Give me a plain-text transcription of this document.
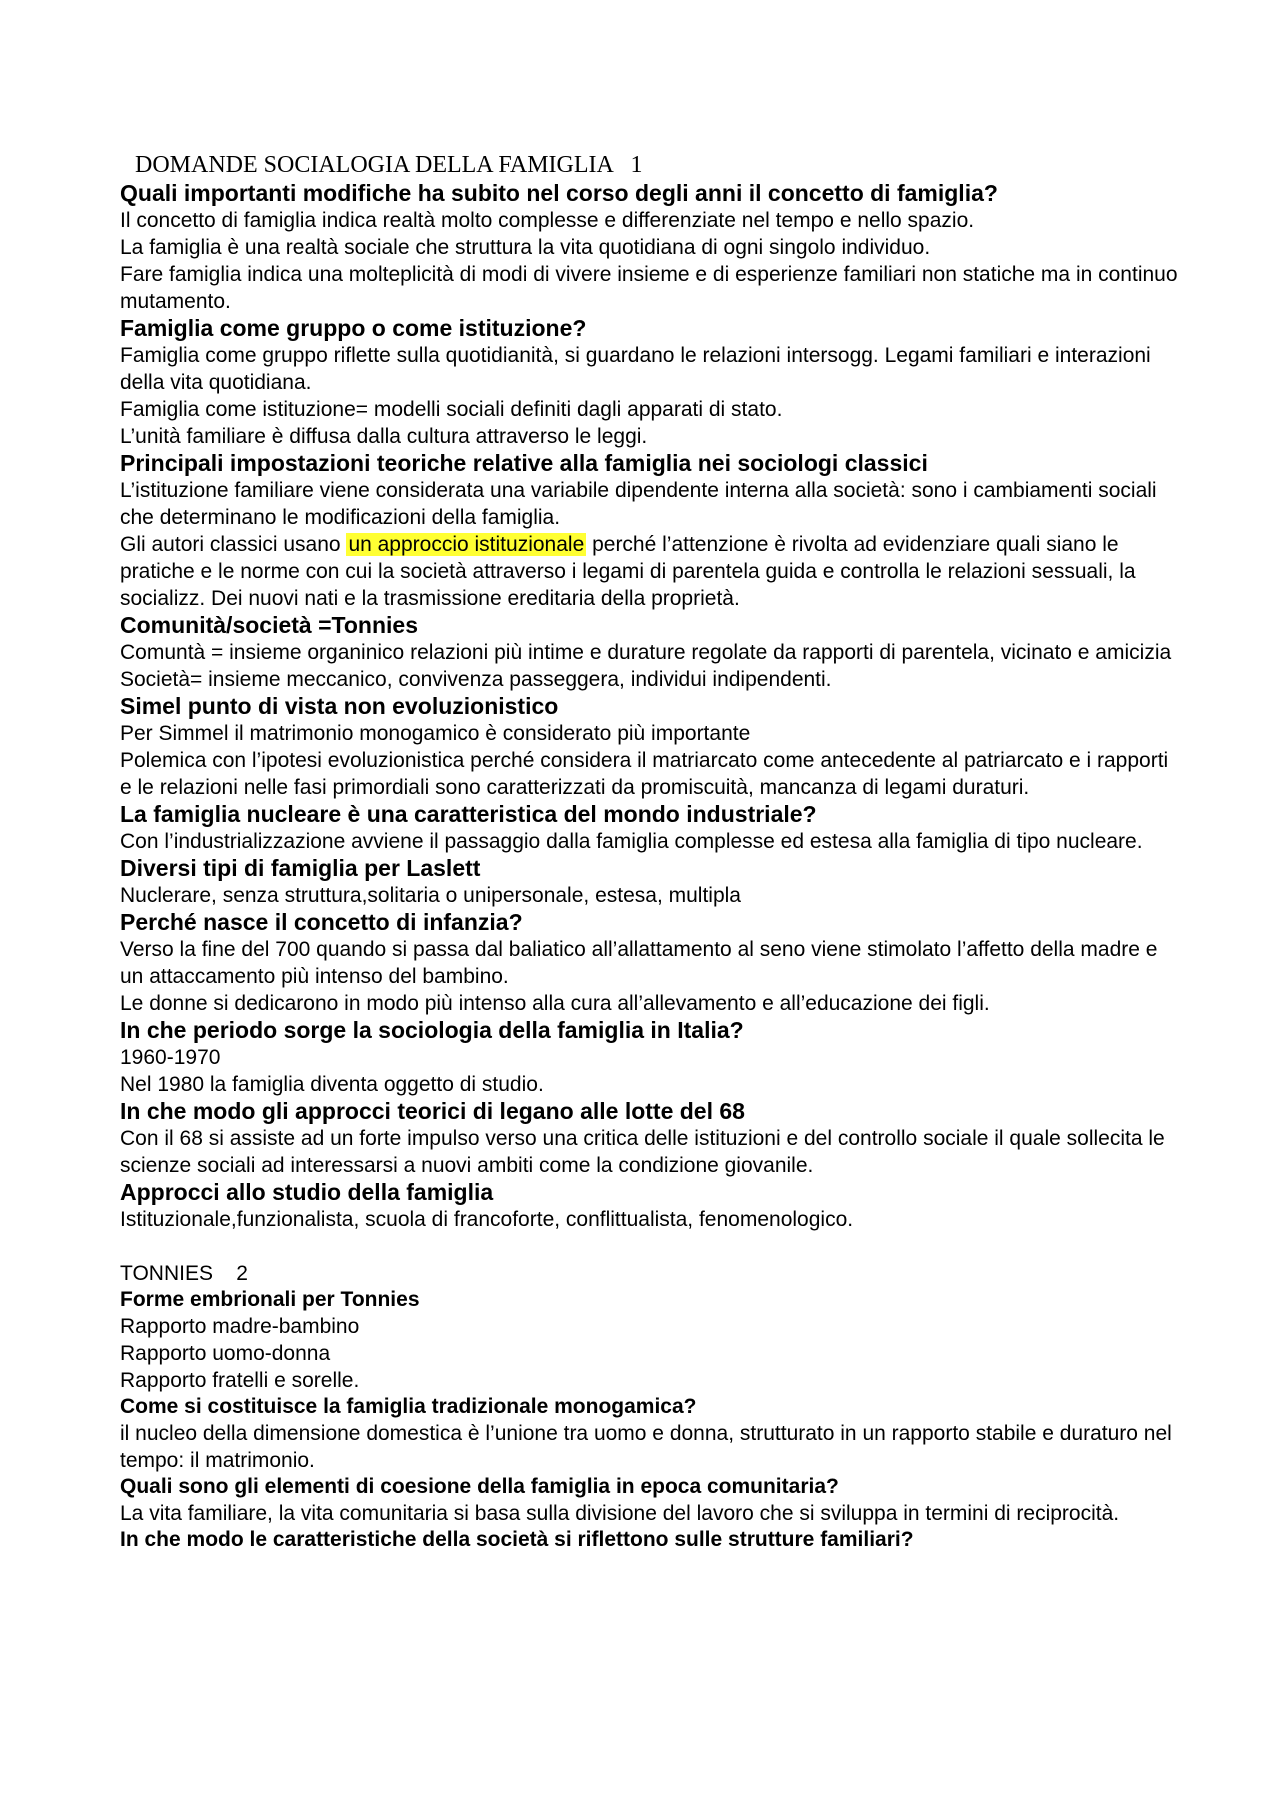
DOMANDE SOCIALOGIA DELLA FAMIGLIA   1
Quali importanti modifiche ha subito nel corso degli anni il concetto di famiglia?
Il concetto di famiglia indica realtà molto complesse e differenziate nel tempo e nello spazio.
La famiglia è una realtà sociale che struttura la vita quotidiana di ogni singolo individuo.
Fare famiglia indica una molteplicità di modi di vivere insieme e di esperienze familiari non statiche ma in continuo mutamento.
Famiglia come gruppo o come istituzione?
Famiglia come gruppo riflette sulla quotidianità, si guardano le relazioni intersogg. Legami familiari e interazioni della vita quotidiana.
Famiglia come istituzione= modelli sociali definiti dagli apparati di stato.
L’unità familiare è diffusa dalla cultura attraverso le leggi.
Principali impostazioni teoriche relative alla famiglia nei sociologi classici
L’istituzione familiare viene considerata una variabile dipendente interna alla società: sono i cambiamenti sociali che determinano le modificazioni della famiglia.
Gli autori classici usano un approccio istituzionale perché l’attenzione è rivolta ad evidenziare quali siano le pratiche e le norme con cui la società attraverso i legami di parentela guida e controlla le relazioni sessuali, la socializz. Dei nuovi nati e la trasmissione ereditaria della proprietà.
Comunità/società =Tonnies
Comuntà = insieme organinico relazioni più intime e durature regolate da rapporti di parentela, vicinato e amicizia
Società= insieme meccanico, convivenza passeggera, individui indipendenti.
Simel punto di vista non evoluzionistico
Per Simmel il matrimonio monogamico è considerato più importante
Polemica con l’ipotesi evoluzionistica perché considera il matriarcato come antecedente al patriarcato e i rapporti e le relazioni nelle fasi primordiali sono caratterizzati da promiscuità, mancanza di legami duraturi.
La famiglia nucleare è una caratteristica del mondo industriale?
Con l’industrializzazione avviene il passaggio dalla famiglia complesse ed estesa alla famiglia di tipo nucleare.
Diversi tipi di famiglia per Laslett
Nuclerare, senza struttura,solitaria o unipersonale, estesa, multipla
Perché nasce il concetto di infanzia?
Verso la fine del 700 quando si passa dal baliatico all’allattamento al seno viene stimolato l’affetto della madre e un attaccamento più intenso del bambino.
Le donne si dedicarono in modo più intenso alla cura all’allevamento e all’educazione dei figli.
In che periodo sorge la sociologia della famiglia in Italia?
1960-1970
Nel 1980 la famiglia diventa oggetto di studio.
In che modo gli approcci teorici di legano alle lotte del 68
Con il 68 si assiste ad un forte impulso verso una critica delle istituzioni e del controllo sociale il quale sollecita le scienze sociali ad interessarsi a nuovi ambiti come la condizione giovanile.
Approcci allo studio della famiglia
Istituzionale,funzionalista, scuola di francoforte, conflittualista, fenomenologico.
TONNIES    2
Forme embrionali per Tonnies
Rapporto madre-bambino
Rapporto uomo-donna
Rapporto fratelli e sorelle.
Come si costituisce la famiglia tradizionale monogamica?
il nucleo della dimensione domestica è l’unione tra uomo e donna, strutturato in un rapporto stabile e duraturo nel tempo: il matrimonio.
Quali sono gli elementi di coesione della famiglia in epoca comunitaria?
La vita familiare, la vita comunitaria si basa sulla divisione del lavoro che si sviluppa in termini di reciprocità.
In che modo le caratteristiche della società si riflettono sulle strutture familiari?
